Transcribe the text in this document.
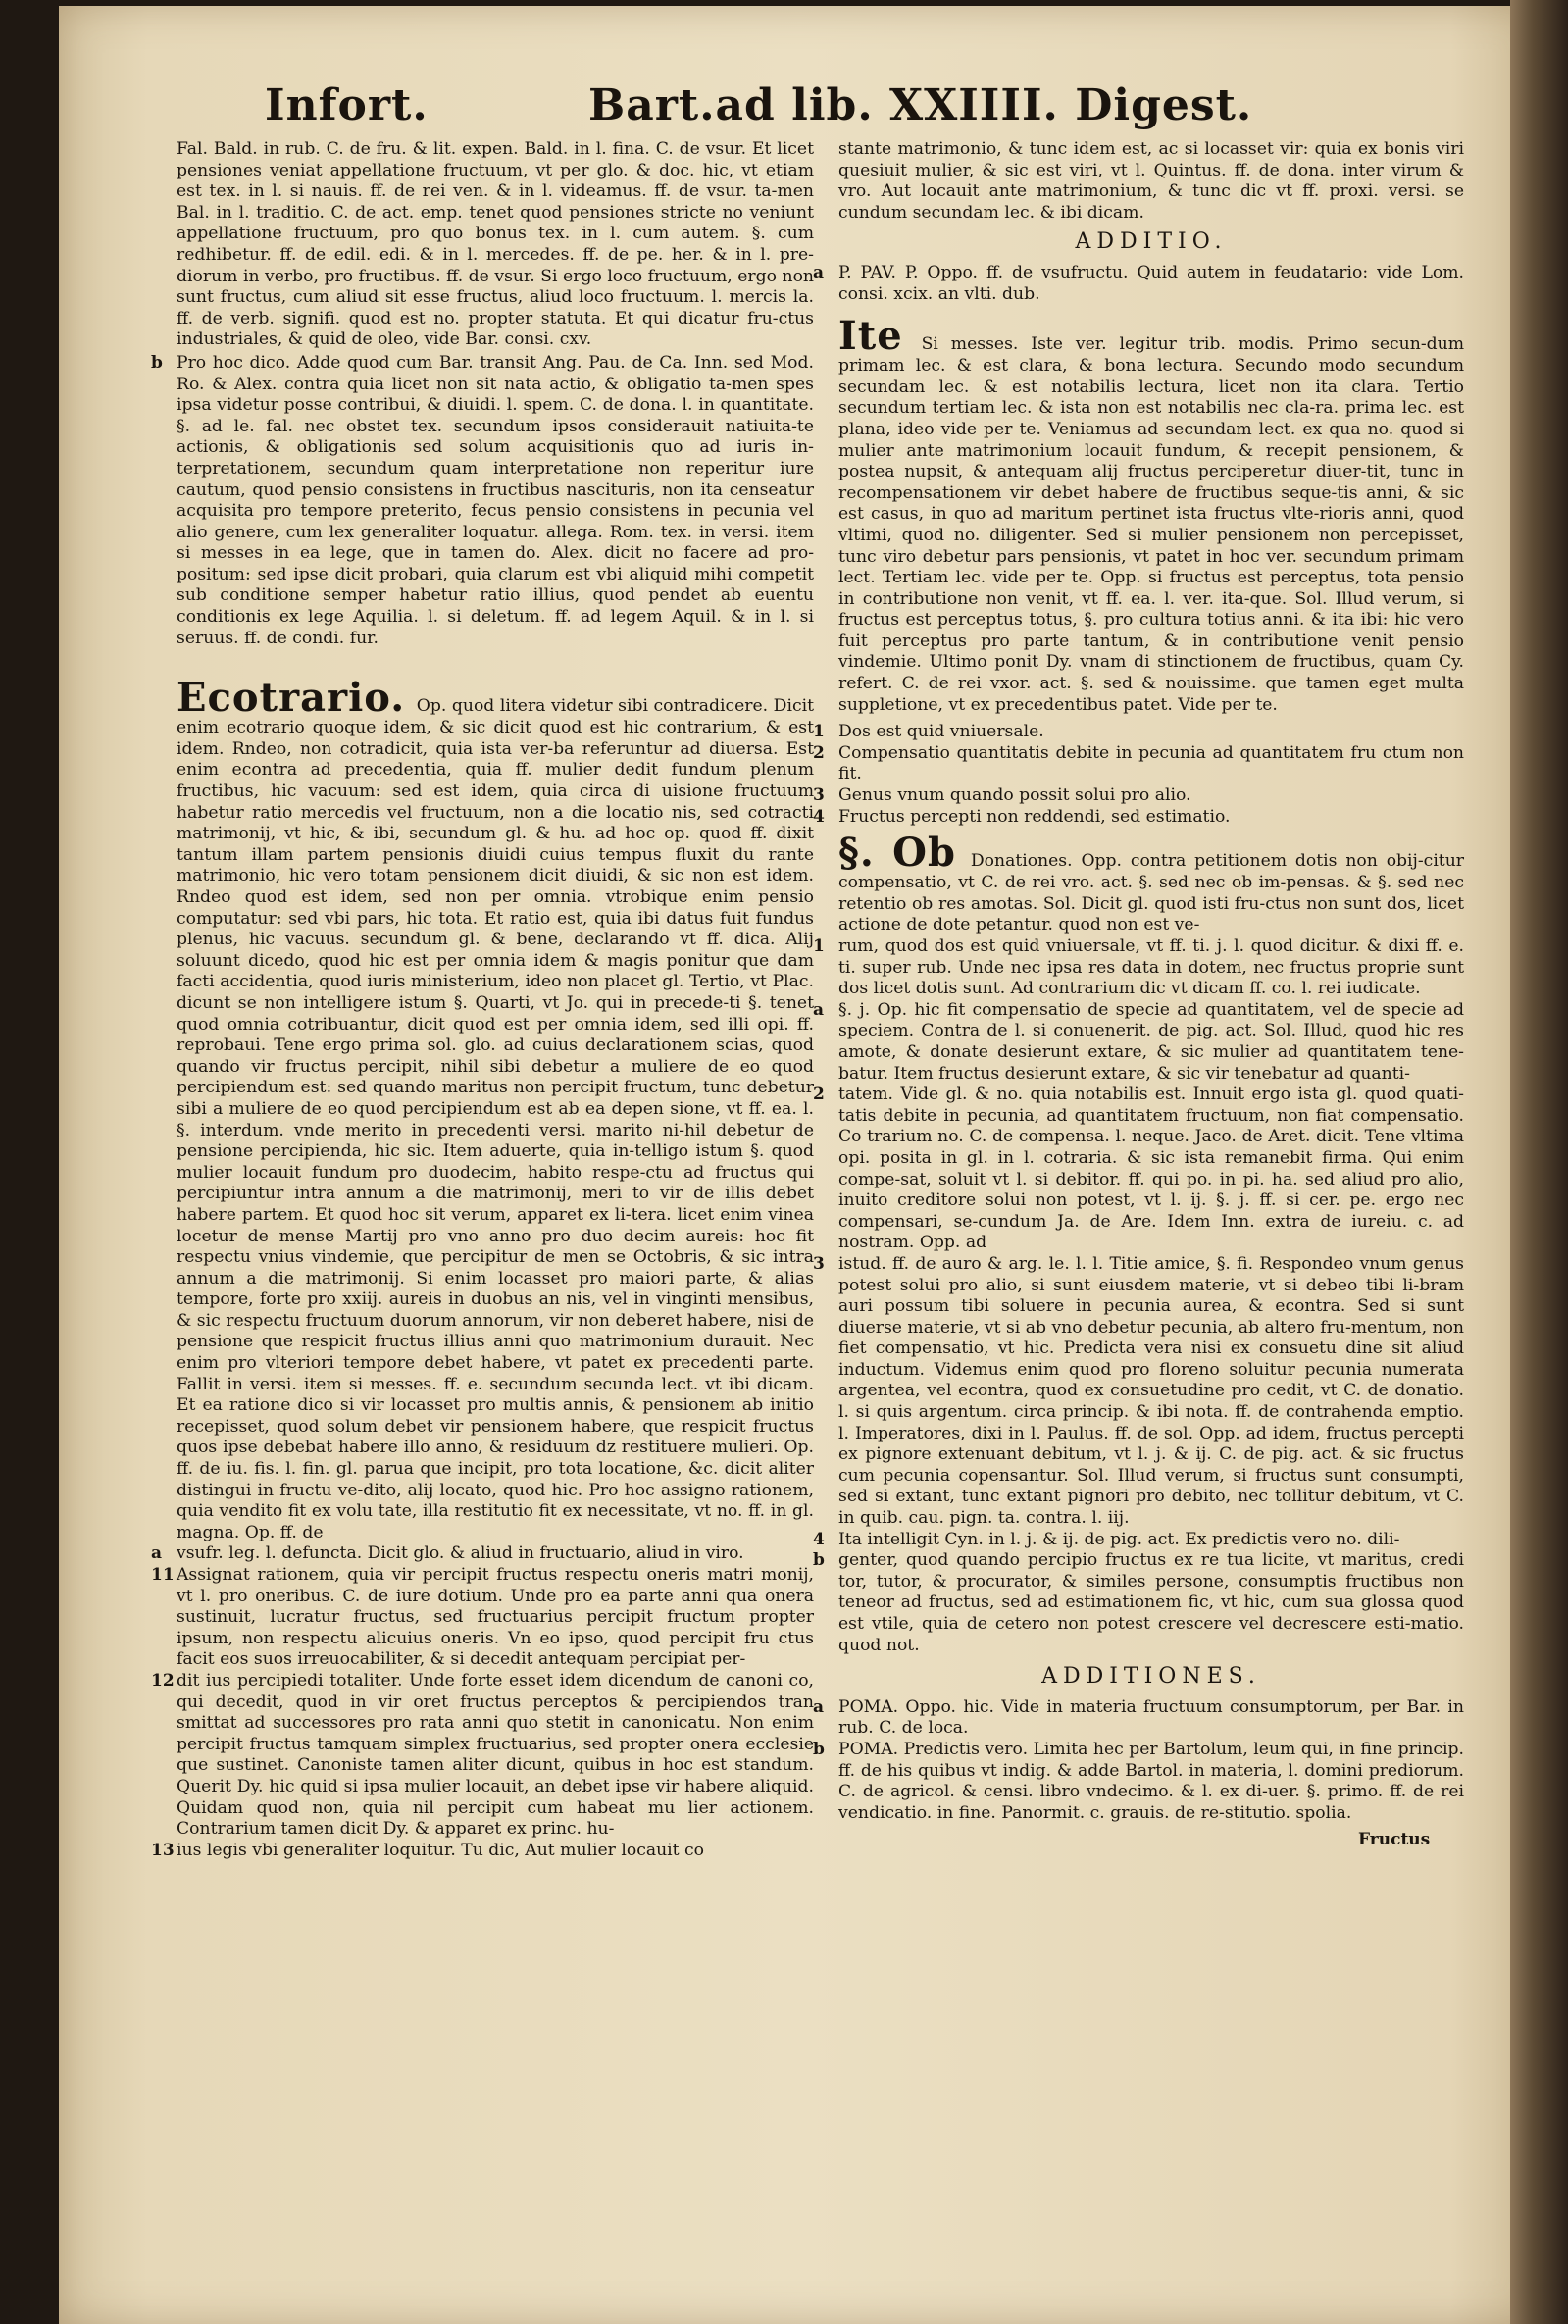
Infort.	Bart.ad lib. XXIIII. Digest.

Fal. Bald. in rub. C. de fru. & lit. expen. Bald. in l. fina. C. de vsur. Et licet pensiones veniat appellatione fructuum, vt per glo. & doc. hic, vt etiam est tex. in l. si nauis. ff. de rei ven. & in l. videamus. ff. de vsur. ta-men Bal. in l. traditio. C. de act. emp. tenet quod pensiones stricte no veniunt appellatione fructuum, pro quo bonus tex. in l. cum autem. §. cum redhibetur. ff. de edil. edi. & in l. mercedes. ff. de pe. her. & in l. pre-diorum in verbo, pro fructibus. ff. de vsur. Si ergo loco fructuum, ergo non sunt fructus, cum aliud sit esse fructus, aliud loco fructuum. l. mercis la. ff. de verb. signifi. quod est no. propter statuta. Et qui dicatur fru-ctus industriales, & quid de oleo, vide Bar. consi. cxv.

b Pro hoc dico. Adde quod cum Bar. transit Ang. Pau. de Ca. Inn. sed Mod. Ro. & Alex. contra quia licet non sit nata actio, & obligatio ta-men spes ipsa videtur posse contribui, & diuidi. l. spem. C. de dona. l. in quantitate. §. ad le. fal. nec obstet tex. secundum ipsos considerauit natiuita-te actionis, & obligationis sed solum acquisitionis quo ad iuris in-terpretationem, secundum quam interpretatione non reperitur iure cautum, quod pensio consistens in fructibus nascituris, non ita censeatur acquisita pro tempore preterito, fecus pensio consistens in pecunia vel alio genere, cum lex generaliter loquatur. allega. Rom. tex. in versi. item si messes in ea lege, que in tamen do. Alex. dicit no facere ad pro-positum: sed ipse dicit probari, quia clarum est vbi aliquid mihi competit sub conditione semper habetur ratio illius, quod pendet ab euentu conditionis ex lege Aquilia. l. si deletum. ff. ad legem Aquil. & in l. si seruus. ff. de condi. fur.

Ecotrario. Op. quod litera videtur sibi contradicere. Dicit enim ecotrario quoque idem, & sic dicit quod est hic contrarium, & est idem. Rndeo, non cotradicit, quia ista ver-ba referuntur ad diuersa. Est enim econtra ad precedentia, quia ff. mulier dedit fundum plenum fructibus, hic vacuum: sed est idem, quia circa di uisione fructuum habetur ratio mercedis vel fructuum, non a die locatio nis, sed cotracti matrimonij, vt hic, & ibi, secundum gl. & hu. ad hoc op. quod ff. dixit tantum illam partem pensionis diuidi cuius tempus fluxit du rante matrimonio, hic vero totam pensionem dicit diuidi, & sic non est idem. Rndeo quod est idem, sed non per omnia. vtrobique enim pensio computatur: sed vbi pars, hic tota. Et ratio est, quia ibi datus fuit fundus plenus, hic vacuus. secundum gl. & bene, declarando vt ff. dica. Alij soluunt dicedo, quod hic est per omnia idem & magis ponitur que dam facti accidentia, quod iuris ministerium, ideo non placet gl. Tertio, vt Plac. dicunt se non intelligere istum §. Quarti, vt Jo. qui in precede-ti §. tenet quod omnia cotribuantur, dicit quod est per omnia idem, sed illi opi. ff. reprobaui. Tene ergo prima sol. glo. ad cuius declarationem scias, quod quando vir fructus percipit, nihil sibi debetur a muliere de eo quod percipiendum est: sed quando maritus non percipit fructum, tunc debetur sibi a muliere de eo quod percipiendum est ab ea depen sione, vt ff. ea. l. §. interdum. vnde merito in precedenti versi. marito ni-hil debetur de pensione percipienda, hic sic. Item aduerte, quia in-telligo istum §. quod mulier locauit fundum pro duodecim, habito respe-ctu ad fructus qui percipiuntur intra annum a die matrimonij, meri to vir de illis debet habere partem. Et quod hoc sit verum, apparet ex li-tera. licet enim vinea locetur de mense Martij pro vno anno pro duo decim aureis: hoc fit respectu vnius vindemie, que percipitur de men se Octobris, & sic intra annum a die matrimonij. Si enim locasset pro maiori parte, & alias tempore, forte pro xxiij. aureis in duobus an nis, vel in vinginti mensibus, & sic respectu fructuum duorum annorum, vir non deberet habere, nisi de pensione que respicit fructus illius anni quo matrimonium durauit. Nec enim pro vlteriori tempore debet habere, vt patet ex precedenti parte. Fallit in versi. item si messes. ff. e. secundum secunda lect. vt ibi dicam. Et ea ratione dico si vir locasset pro multis annis, & pensionem ab initio recepisset, quod solum debet vir pensionem habere, que respicit fructus quos ipse debebat habere illo anno, & residuum dz restituere mulieri. Op. ff. de iu. fis. l. fin. gl. parua que incipit, pro tota locatione, &c. dicit aliter distingui in fructu ve-dito, alij locato, quod hic. Pro hoc assigno rationem, quia vendito fit ex volu tate, illa restitutio fit ex necessitate, vt no. ff. in gl. magna. Op. ff. de

a vsufr. leg. l. defuncta. Dicit glo. & aliud in fructuario, aliud in viro.

11 Assignat rationem, quia vir percipit fructus respectu oneris matri monij, vt l. pro oneribus. C. de iure dotium. Unde pro ea parte anni qua onera sustinuit, lucratur fructus, sed fructuarius percipit fructum propter ipsum, non respectu alicuius oneris. Vn eo ipso, quod percipit fru ctus facit eos suos irreuocabiliter, & si decedit antequam percipiat per-

12 dit ius percipiedi totaliter. Unde forte esset idem dicendum de canoni co, qui decedit, quod in vir oret fructus perceptos & percipiendos tran smittat ad successores pro rata anni quo stetit in canonicatu. Non enim percipit fructus tamquam simplex fructuarius, sed propter onera ecclesie que sustinet. Canoniste tamen aliter dicunt, quibus in hoc est standum. Querit Dy. hic quid si ipsa mulier locauit, an debet ipse vir habere aliquid. Quidam quod non, quia nil percipit cum habeat mu lier actionem. Contrarium tamen dicit Dy. & apparet ex princ. hu-

13 ius legis vbi generaliter loquitur. Tu dic, Aut mulier locauit co

stante matrimonio, & tunc idem est, ac si locasset vir: quia ex bonis viri quesiuit mulier, & sic est viri, vt l. Quintus. ff. de dona. inter virum & vro. Aut locauit ante matrimonium, & tunc dic vt ff. proxi. versi. se cundum secundam lec. & ibi dicam.

ADDITIO.

a P. PAV. P. Oppo. ff. de vsufructu. Quid autem in feudatario: vide Lom. consi. xcix. an vlti. dub.

Ite Si messes. Iste ver. legitur trib. modis. Primo secun-dum primam lec. & est clara, & bona lectura. Secundo modo secundum secundam lec. & est notabilis lectura, licet non ita clara. Tertio secundum tertiam lec. & ista non est notabilis nec cla-ra. prima lec. est plana, ideo vide per te. Veniamus ad secundam lect. ex qua no. quod si mulier ante matrimonium locauit fundum, & recepit pensionem, & postea nupsit, & antequam alij fructus perciperetur diuer-tit, tunc in recompensationem vir debet habere de fructibus seque-tis anni, & sic est casus, in quo ad maritum pertinet ista fructus vlte-rioris anni, quod vltimi, quod no. diligenter. Sed si mulier pensionem non percepisset, tunc viro debetur pars pensionis, vt patet in hoc ver. secundum primam lect. Tertiam lec. vide per te. Opp. si fructus est perceptus, tota pensio in contributione non venit, vt ff. ea. l. ver. ita-que. Sol. Illud verum, si fructus est perceptus totus, §. pro cultura totius anni. & ita ibi: hic vero fuit perceptus pro parte tantum, & in contributione venit pensio vindemie. Ultimo ponit Dy. vnam di stinctionem de fructibus, quam Cy. refert. C. de rei vxor. act. §. sed & nouissime. que tamen eget multa suppletione, vt ex precedentibus patet. Vide per te.

1 Dos est quid vniuersale.

2 Compensatio quantitatis debite in pecunia ad quantitatem fru ctum non fit.

3 Genus vnum quando possit solui pro alio.

4 Fructus percepti non reddendi, sed estimatio.

§. Ob Donationes. Opp. contra petitionem dotis non obij-citur compensatio, vt C. de rei vro. act. §. sed nec ob im-pensas. & §. sed nec retentio ob res amotas. Sol. Dicit gl. quod isti fru-ctus non sunt dos, licet actione de dote petantur. quod non est ve-

1 rum, quod dos est quid vniuersale, vt ff. ti. j. l. quod dicitur. & dixi ff. e. ti. super rub. Unde nec ipsa res data in dotem, nec fructus proprie sunt dos licet dotis sunt. Ad contrarium dic vt dicam ff. co. l. rei iudicate.

a §. j. Op. hic fit compensatio de specie ad quantitatem, vel de specie ad speciem. Contra de l. si conuenerit. de pig. act. Sol. Illud, quod hic res amote, & donate desierunt extare, & sic mulier ad quantitatem tene-batur. Item fructus desierunt extare, & sic vir tenebatur ad quanti-

2 tatem. Vide gl. & no. quia notabilis est. Innuit ergo ista gl. quod quati-tatis debite in pecunia, ad quantitatem fructuum, non fiat compensatio. Co trarium no. C. de compensa. l. neque. Jaco. de Aret. dicit. Tene vltima opi. posita in gl. in l. cotraria. & sic ista remanebit firma. Qui enim compe-sat, soluit vt l. si debitor. ff. qui po. in pi. ha. sed aliud pro alio, inuito creditore solui non potest, vt l. ij. §. j. ff. si cer. pe. ergo nec compensari, se-cundum Ja. de Are. Idem Inn. extra de iureiu. c. ad nostram. Opp. ad

3 istud. ff. de auro & arg. le. l. l. Titie amice, §. fi. Respondeo vnum genus potest solui pro alio, si sunt eiusdem materie, vt si debeo tibi li-bram auri possum tibi soluere in pecunia aurea, & econtra. Sed si sunt diuerse materie, vt si ab vno debetur pecunia, ab altero fru-mentum, non fiet compensatio, vt hic. Predicta vera nisi ex consuetu dine sit aliud inductum. Videmus enim quod pro floreno soluitur pecunia numerata argentea, vel econtra, quod ex consuetudine pro cedit, vt C. de donatio. l. si quis argentum. circa princip. & ibi nota. ff. de contrahenda emptio. l. Imperatores, dixi in l. Paulus. ff. de sol. Opp. ad idem, fructus percepti ex pignore extenuant debitum, vt l. j. & ij. C. de pig. act. & sic fructus cum pecunia copensantur. Sol. Illud verum, si fructus sunt consumpti, sed si extant, tunc extant pignori pro debito, nec tollitur debitum, vt C. in quib. cau. pign. ta. contra. l. iij.

4 Ita intelligit Cyn. in l. j. & ij. de pig. act. Ex predictis vero no. dili-

b genter, quod quando percipio fructus ex re tua licite, vt maritus, credi tor, tutor, & procurator, & similes persone, consumptis fructibus non teneor ad fructus, sed ad estimationem fic, vt hic, cum sua glossa quod est vtile, quia de cetero non potest crescere vel decrescere esti-matio. quod not.

ADDITIONES.

a POMA. Oppo. hic. Vide in materia fructuum consumptorum, per Bar. in rub. C. de loca.

b POMA. Predictis vero. Limita hec per Bartolum, leum qui, in fine princip. ff. de his quibus vt indig. & adde Bartol. in materia, l. domini prediorum. C. de agricol. & censi. libro vndecimo. & l. ex di-uer. §. primo. ff. de rei vendicatio. in fine. Panormit. c. grauis. de re-stitutio. spolia.

Fructus
